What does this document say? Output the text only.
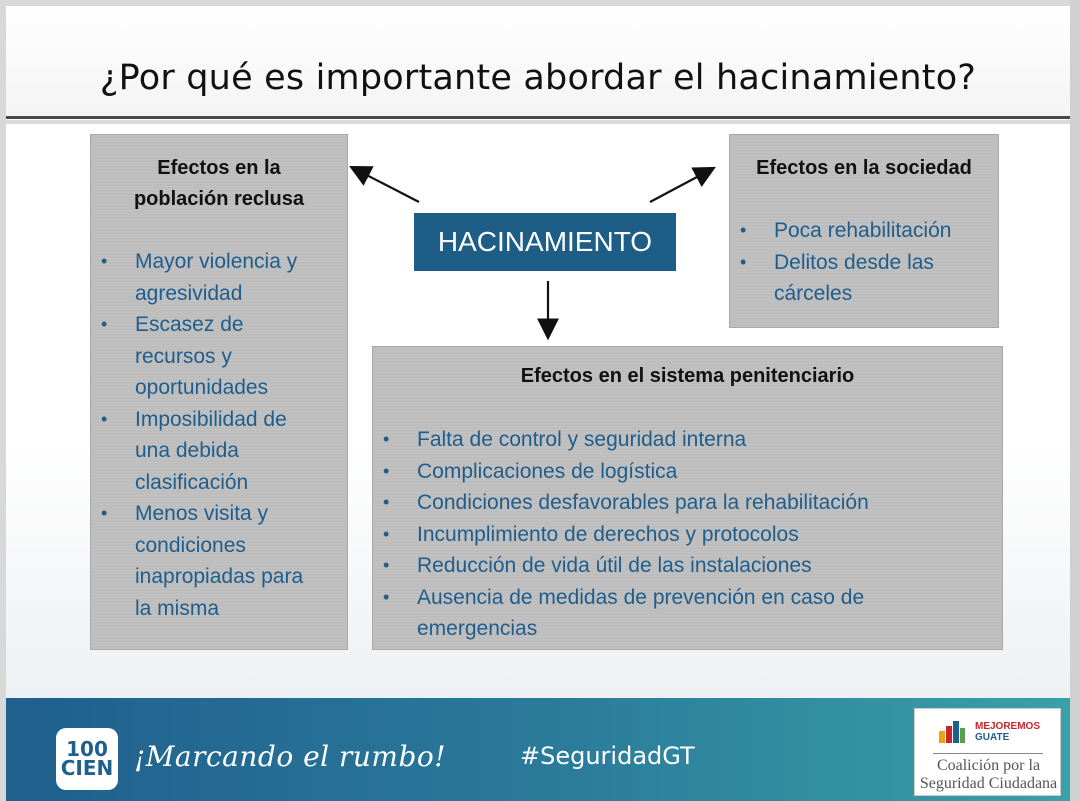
¿Por qué es importante abordar el hacinamiento?
Efectos en la
población reclusa
• Mayor violencia y
agresividad
• Escasez de
recursos y
oportunidades
• Imposibilidad de
una debida
clasificación
• Menos visita y
condiciones
inapropiadas para
la misma
Efectos en la sociedad
• Poca rehabilitación
• Delitos desde las
cárceles
HACINAMIENTO
Efectos en el sistema penitenciario
• Falta de control y seguridad interna
• Complicaciones de logística
• Condiciones desfavorables para la rehabilitación
• Incumplimiento de derechos y protocolos
• Reducción de vida útil de las instalaciones
• Ausencia de medidas de prevención en caso de
emergencias
100
CIEN ¡Marcando el rumbo!	#SeguridadGT
MEJOREMOS
GUATE
Coalición por la
Seguridad Ciudadana
